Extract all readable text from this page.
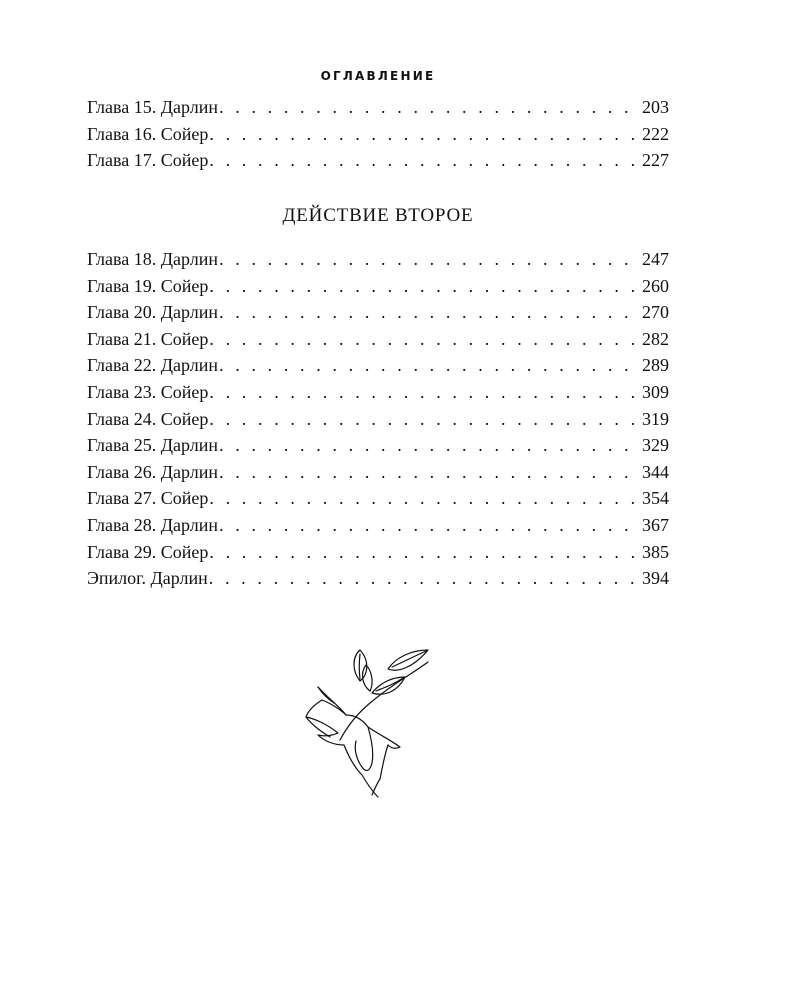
ОГЛАВЛЕНИЕ
Глава 15. Дарлин . . .	203
Глава 16. Сойер . . .	222
Глава 17. Сойер . . .	227
ДЕЙСТВИЕ ВТОРОЕ
Глава 18. Дарлин . . .	247
Глава 19. Сойер . . .	260
Глава 20. Дарлин . . .	270
Глава 21. Сойер . . .	282
Глава 22. Дарлин . . .	289
Глава 23. Сойер . . .	309
Глава 24. Сойер . . .	319
Глава 25. Дарлин . . .	329
Глава 26. Дарлин . . .	344
Глава 27. Сойер . . .	354
Глава 28. Дарлин . . .	367
Глава 29. Сойер . . .	385
Эпилог. Дарлин . . .	394
